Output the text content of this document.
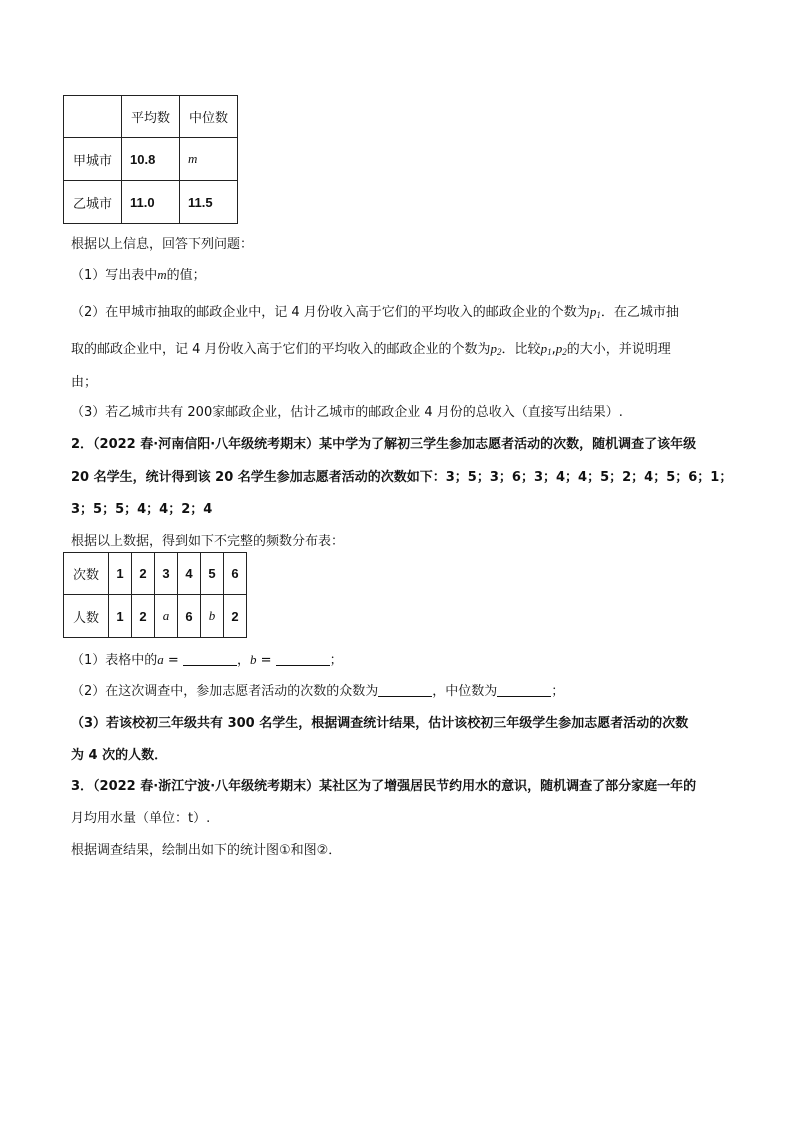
	平均数	中位数
甲城市	10.8	m
乙城市	11.0	11.5
根据以上信息，回答下列问题：
（1）写出表中m的值；
（2）在甲城市抽取的邮政企业中，记 4 月份收入高于它们的平均收入的邮政企业的个数为$p_1$．在乙城市抽
取的邮政企业中，记 4 月份收入高于它们的平均收入的邮政企业的个数为$p_2$．比较$p_1,p_2$的大小，并说明理
由；
（3）若乙城市共有 200家邮政企业，估计乙城市的邮政企业 4 月份的总收入（直接写出结果）.
2．（2022 春·河南信阳·八年级统考期末）某中学为了解初三学生参加志愿者活动的次数，随机调查了该年级
20 名学生，统计得到该 20 名学生参加志愿者活动的次数如下：3；5；3；6；3；4；4；5；2；4；5；6；1；
3；5；5；4；4；2；4
根据以上数据，得到如下不完整的频数分布表：
次数	1	2	3	4	5	6
人数	1	2	a	6	b	2
（1）表格中的a =	，b =	；
（2）在这次调查中，参加志愿者活动的次数的众数为	，中位数为	；
（3）若该校初三年级共有 300 名学生，根据调查统计结果，估计该校初三年级学生参加志愿者活动的次数
为 4 次的人数．
3．（2022 春·浙江宁波·八年级统考期末）某社区为了增强居民节约用水的意识，随机调查了部分家庭一年的
月均用水量（单位：t）.
根据调查结果，绘制出如下的统计图①和图②．
